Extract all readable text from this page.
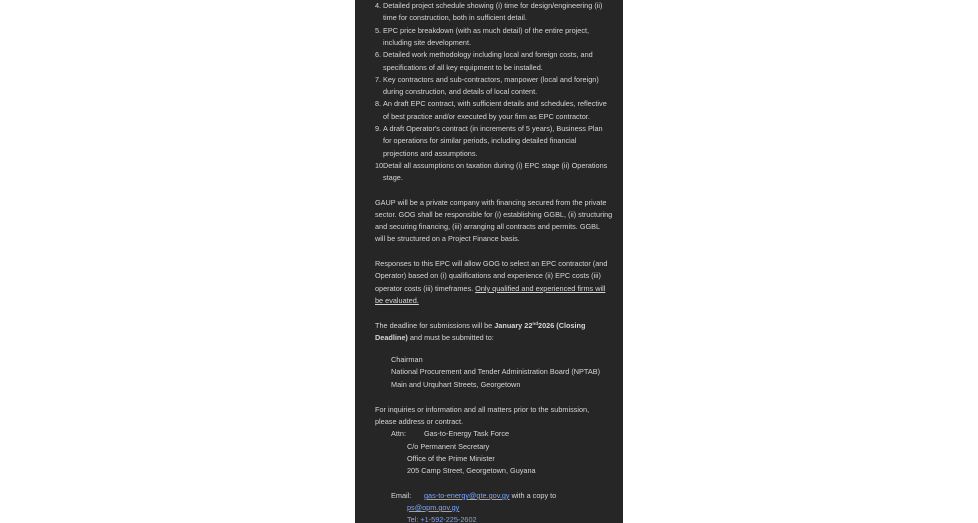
4. Detailed project schedule showing (i) time for design/engineering (ii)
time for construction, both in sufficient detail.
5. EPC price breakdown (with as much detail) of the entire project,
including site development.
6. Detailed work methodology including local and foreign costs, and
specifications of all key equipment to be installed.
7. Key contractors and sub-contractors, manpower (local and foreign)
during construction, and details of local content.
8. An draft EPC contract, with sufficient details and schedules, reflective
of best practice and/or executed by your firm as EPC contractor.
9. A draft Operator's contract (in increments of 5 years), Business Plan
for operations for similar periods, including detailed financial
projections and assumptions.
10.
Detail all assumptions on taxation during (i) EPC stage (ii) Operations
stage.
GAUP will be a private company with financing secured from the private
sector. GOG shall be responsible for (i) establishing GGBL, (ii) structuring
and securing financing, (iii) arranging all contracts and permits. GGBL
will be structured on a Project Finance basis.
Responses to this EPC will allow GOG to select an EPC contractor (and
Operator) based on (i) qualifications and experience (ii) EPC costs (iii)
operator costs (iii) timeframes. Only qualified and experienced firms will
be evaluated.
The deadline for submissions will be January 22nd2026 (Closing
Deadline) and must be submitted to:
Chairman
National Procurement and Tender Administration Board (NPTAB)
Main and Urquhart Streets, Georgetown
For inquiries or information and all matters prior to the submission,
please address or contract.
Attn: Gas-to-Energy Task Force
C/o Permanent Secretary
Office of the Prime Minister
205 Camp Street, Georgetown, Guyana
Email: gas-to-energy@gte.gov.gy with a copy to
ps@opm.gov.gy
Tel: +1-592-225-2602
